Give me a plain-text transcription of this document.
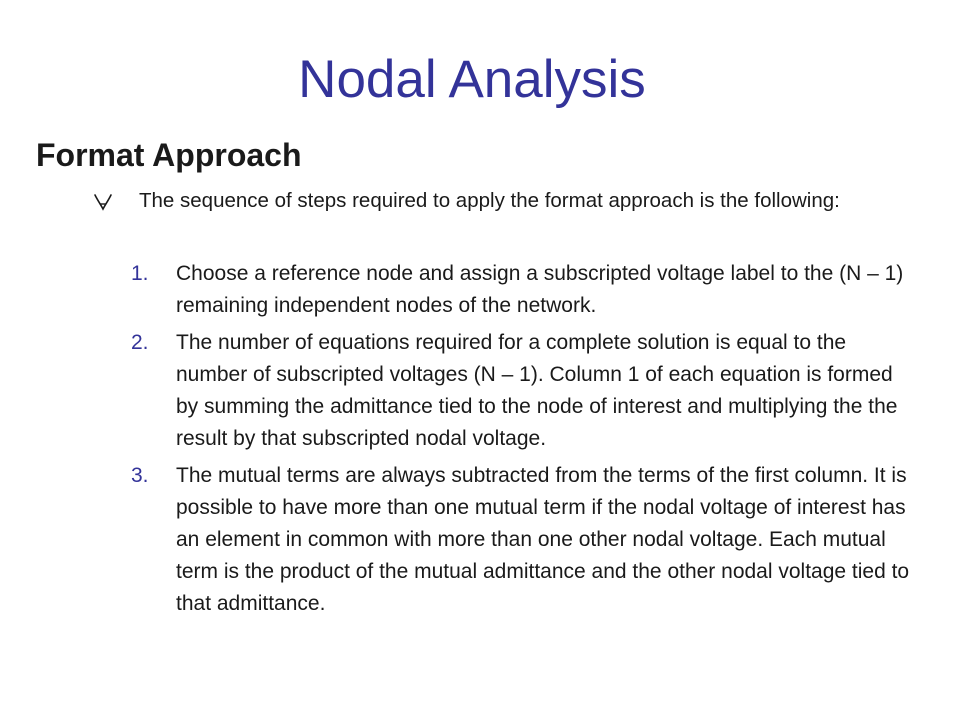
Nodal Analysis
Format Approach
The sequence of steps required to apply the format approach is the following:
1. Choose a reference node and assign a subscripted voltage label to the (N – 1) remaining independent nodes of the network.
2. The number of equations required for a complete solution is equal to the number of subscripted voltages (N – 1). Column 1 of each equation is formed by summing the admittance tied to the node of interest and multiplying the the result by that subscripted nodal voltage.
3. The mutual terms are always subtracted from the terms of the first column. It is possible to have more than one mutual term if the nodal voltage of interest has an element in common with more than one other nodal voltage. Each mutual term is the product of the mutual admittance and the other nodal voltage tied to that admittance.
